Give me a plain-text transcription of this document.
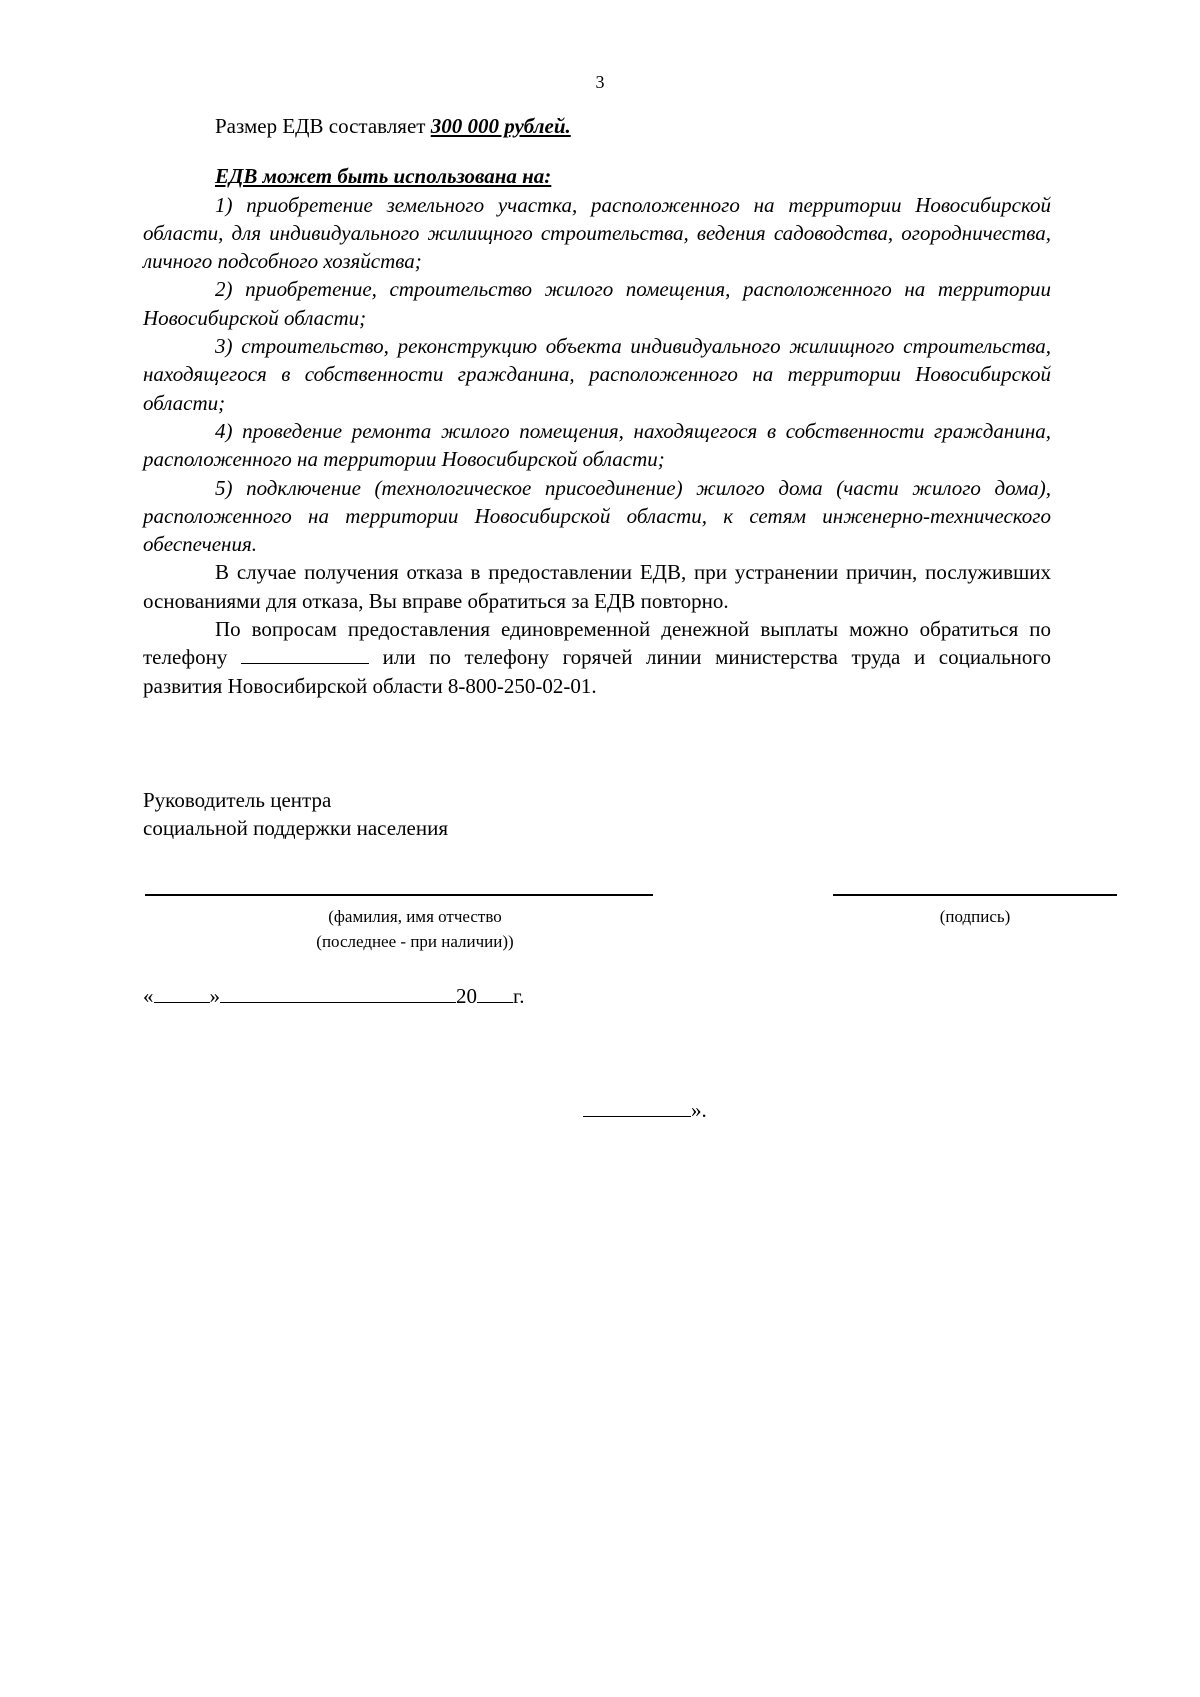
3

Размер ЕДВ составляет 300 000 рублей.

ЕДВ может быть использована на:

1) приобретение земельного участка, расположенного на территории Новосибирской области, для индивидуального жилищного строительства, ведения садоводства, огородничества, личного подсобного хозяйства;

2) приобретение, строительство жилого помещения, расположенного на территории Новосибирской области;

3) строительство, реконструкцию объекта индивидуального жилищного строительства, находящегося в собственности гражданина, расположенного на территории Новосибирской области;

4) проведение ремонта жилого помещения, находящегося в собственности гражданина, расположенного на территории Новосибирской области;

5) подключение (технологическое присоединение) жилого дома (части жилого дома), расположенного на территории Новосибирской области, к сетям инженерно-технического обеспечения.

В случае получения отказа в предоставлении ЕДВ, при устранении причин, послуживших основаниями для отказа, Вы вправе обратиться за ЕДВ повторно.

По вопросам предоставления единовременной денежной выплаты можно обратиться по телефону	или по телефону горячей линии министерства труда и социального развития Новосибирской области 8-800-250-02-01.

Руководитель центра
социальной поддержки населения
(фамилия, имя отчество
(последнее - при наличии))
(подпись)
«	»	20 г.
».
